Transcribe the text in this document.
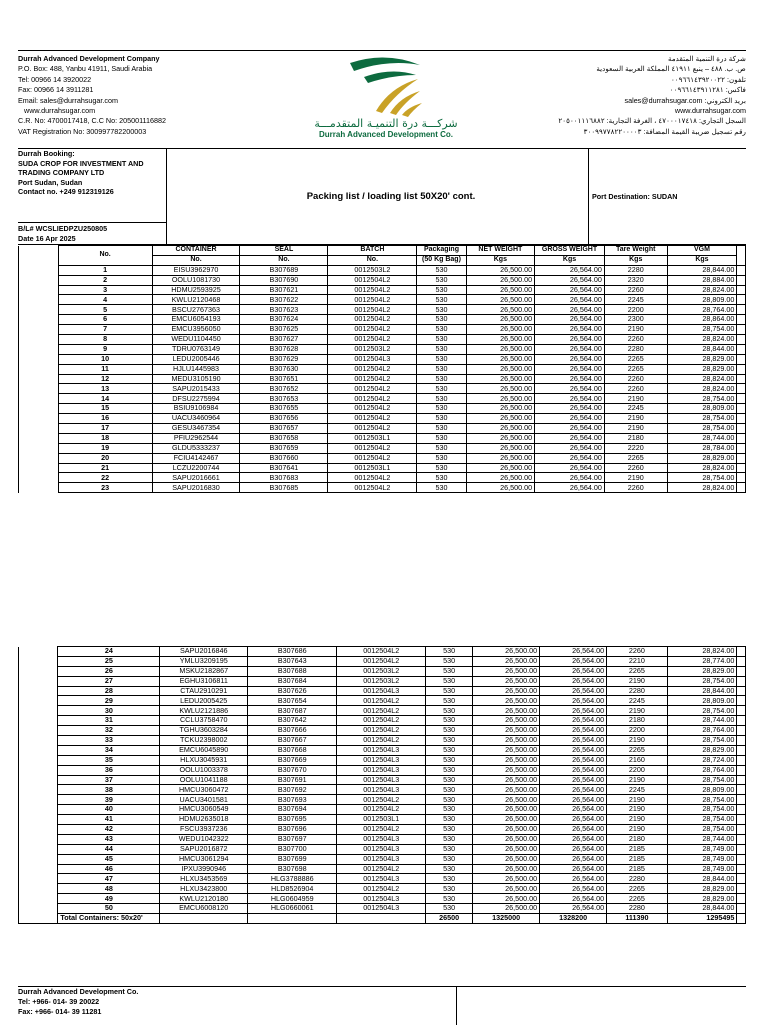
Durrah Advanced Development Company
P.O. Box: 488, Yanbu 41911, Saudi Arabia
Tel: 00966 14 3920022
Fax: 00966 14 3911281
Email: sales@durrahsugar.com
www.durrahsugar.com
C.R. No: 4700017418, C.C No: 205001116882
VAT Registration No: 300997782200003
شركـــة درة التنميـة المتقدمـــة
Durrah Advanced Development Co.
شركة درة التنمية المتقدمة
ص. ب. ٤٨٨ – ينبع ٤١٩١١ المملكة العربية السعودية
تلفون: ٠٠٩٦٦١٤٣٩٢٠٠٢٢
فاكس: ٠٠٩٦٦١٤٣٩١١٢٨١
بريد الكتروني: sales@durrahsugar.com
www.durrahsugar.com
السجل التجاري: ٤٧٠٠٠١٧٤١٨ ، الغرفة التجارية: ٢٠٥٠٠١١١٦٨٨٢
رقم تسجيل ضريبة القيمة المضافة: ٣٠٠٩٩٧٧٨٢٢٠٠٠٠٣
Durrah Booking:
SUDA CROP FOR INVESTMENT AND
TRADING COMPANY LTD
Port Sudan, Sudan
Contact no. +249 912319126
B/L# WCSLIEDPZU250805
Date 16 Apr 2025
Packing list / loading list 50X20' cont.	Port Destination: SUDAN
	No.	CONTAINER	SEAL	BATCH	Packaging	NET WEIGHT	GROSS WEIGHT	Tare Weight	VGM	
		No.	No.	No.	(50 Kg Bag)	Kgs	Kgs	Kgs	Kgs	
	1	EISU3962970	B307689	0012503L2	530	26,500.00	26,564.00	2280	28,844.00	
	2	OOLU1081730	B307690	0012504L2	530	26,500.00	26,564.00	2320	28,884.00	
	3	HDMU2593925	B307621	0012504L2	530	26,500.00	26,564.00	2260	28,824.00	
	4	KWLU2120468	B307622	0012504L2	530	26,500.00	26,564.00	2245	28,809.00	
	5	BSCU2767363	B307623	0012504L2	530	26,500.00	26,564.00	2200	28,764.00	
	6	EMCU6054193	B307624	0012504L2	530	26,500.00	26,564.00	2300	28,864.00	
	7	EMCU3956050	B307625	0012504L2	530	26,500.00	26,564.00	2190	28,754.00	
	8	WEDU1104450	B307627	0012504L2	530	26,500.00	26,564.00	2260	28,824.00	
	9	TDRU0763149	B307628	0012503L2	530	26,500.00	26,564.00	2280	28,844.00	
	10	LEDU2005446	B307629	0012504L3	530	26,500.00	26,564.00	2265	28,829.00	
	11	HJLU1445983	B307630	0012504L2	530	26,500.00	26,564.00	2265	28,829.00	
	12	MEDU3105190	B307651	0012504L2	530	26,500.00	26,564.00	2260	28,824.00	
	13	SAPU2015433	B307652	0012504L2	530	26,500.00	26,564.00	2260	28,824.00	
	14	DFSU2275994	B307653	0012504L2	530	26,500.00	26,564.00	2190	28,754.00	
	15	BSIU9106984	B307655	0012504L2	530	26,500.00	26,564.00	2245	28,809.00	
	16	UACU3460964	B307656	0012504L2	530	26,500.00	26,564.00	2190	28,754.00	
	17	GESU3467354	B307657	0012504L2	530	26,500.00	26,564.00	2190	28,754.00	
	18	PFIU2962544	B307658	0012503L1	530	26,500.00	26,564.00	2180	28,744.00	
	19	GLDU5333237	B307659	0012504L2	530	26,500.00	26,564.00	2220	28,784.00	
	20	FCIU4142467	B307660	0012504L2	530	26,500.00	26,564.00	2265	28,829.00	
	21	LCZU2200744	B307641	0012503L1	530	26,500.00	26,564.00	2260	28,824.00	
	22	SAPU2016661	B307683	0012504L2	530	26,500.00	26,564.00	2190	28,754.00	
	23	SAPU2016830	B307685	0012504L2	530	26,500.00	26,564.00	2260	28,824.00	
	24	SAPU2016846	B307686	0012504L2	530	26,500.00	26,564.00	2260	28,824.00	
	25	YMLU3209195	B307643	0012504L2	530	26,500.00	26,564.00	2210	28,774.00	
	26	MSKU2182867	B307688	0012503L2	530	26,500.00	26,564.00	2265	28,829.00	
	27	EGHU3106811	B307684	0012503L2	530	26,500.00	26,564.00	2190	28,754.00	
	28	CTAU2910291	B307626	0012504L3	530	26,500.00	26,564.00	2280	28,844.00	
	29	LEDU2005425	B307654	0012504L2	530	26,500.00	26,564.00	2245	28,809.00	
	30	KWLU2121886	B307687	0012504L2	530	26,500.00	26,564.00	2190	28,754.00	
	31	CCLU3758470	B307642	0012504L2	530	26,500.00	26,564.00	2180	28,744.00	
	32	TGHU3603284	B307666	0012504L2	530	26,500.00	26,564.00	2200	28,764.00	
	33	TCKU2398002	B307667	0012504L2	530	26,500.00	26,564.00	2190	28,754.00	
	34	EMCU6045890	B307668	0012504L3	530	26,500.00	26,564.00	2265	28,829.00	
	35	HLXU3045931	B307669	0012504L3	530	26,500.00	26,564.00	2160	28,724.00	
	36	OOLU1003378	B307670	0012504L3	530	26,500.00	26,564.00	2200	28,764.00	
	37	OOLU1041188	B307691	0012504L3	530	26,500.00	26,564.00	2190	28,754.00	
	38	HMCU3060472	B307692	0012504L3	530	26,500.00	26,564.00	2245	28,809.00	
	39	UACU3401581	B307693	0012504L2	530	26,500.00	26,564.00	2190	28,754.00	
	40	HMCU3060549	B307694	0012504L2	530	26,500.00	26,564.00	2190	28,754.00	
	41	HDMU2635018	B307695	0012503L1	530	26,500.00	26,564.00	2190	28,754.00	
	42	FSCU3937236	B307696	0012504L2	530	26,500.00	26,564.00	2190	28,754.00	
	43	WEDU1042322	B307697	0012504L3	530	26,500.00	26,564.00	2180	28,744.00	
	44	SAPU2016872	B307700	0012504L3	530	26,500.00	26,564.00	2185	28,749.00	
	45	HMCU3061294	B307699	0012504L3	530	26,500.00	26,564.00	2185	28,749.00	
	46	IPXU3990946	B307698	0012504L2	530	26,500.00	26,564.00	2185	28,749.00	
	47	HLXU3453569	HLG3788886	0012504L3	530	26,500.00	26,564.00	2280	28,844.00	
	48	HLXU3423800	HLD8526904	0012504L2	530	26,500.00	26,564.00	2265	28,829.00	
	49	KWLU2120180	HLG0604959	0012504L3	530	26,500.00	26,564.00	2265	28,829.00	
	50	EMCU6008120	HLG0660061	0012504L3	530	26,500.00	26,564.00	2280	28,844.00	
	Total Containers: 50x20'				26500	1325000	1328200	111390	1295495	
Durrah Advanced Development Co.
Tel: +966- 014- 39 20022
Fax: +966- 014- 39 11281
